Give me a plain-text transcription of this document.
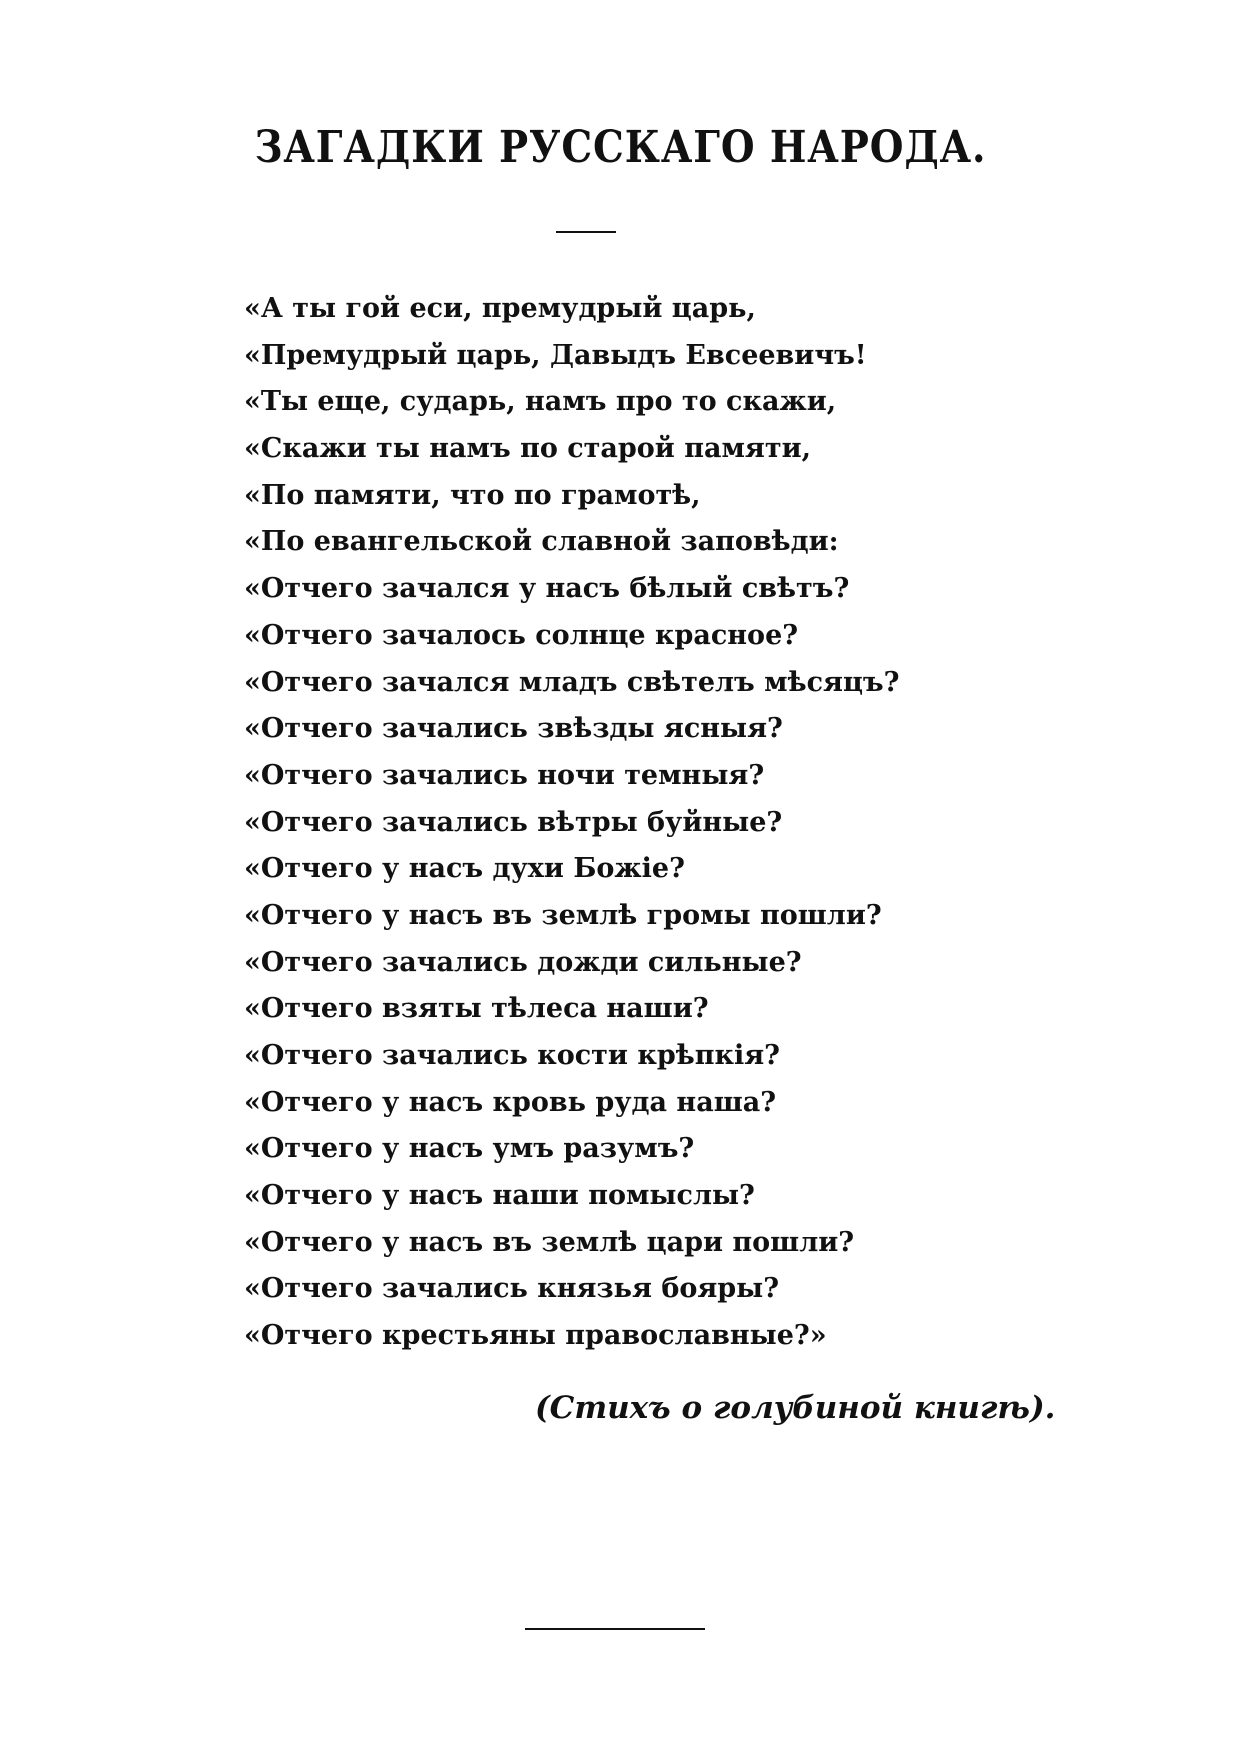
ЗАГАДКИ РУССКАГО НАРОДА.
«А ты гой еси, премудрый царь,
«Премудрый царь, Давыдъ Евсеевичъ!
«Ты еще, сударь, намъ про то скажи,
«Скажи ты намъ по старой памяти,
«По памяти, что по грамотѣ,
«По евангельской славной заповѣди:
«Отчего зачался у насъ бѣлый свѣтъ?
«Отчего зачалось солнце красное?
«Отчего зачался младъ свѣтелъ мѣсяцъ?
«Отчего зачались звѣзды ясныя?
«Отчего зачались ночи темныя?
«Отчего зачались вѣтры буйные?
«Отчего у насъ духи Божіе?
«Отчего у насъ въ землѣ громы пошли?
«Отчего зачались дожди сильные?
«Отчего взяты тѣлеса наши?
«Отчего зачались кости крѣпкія?
«Отчего у насъ кровь руда наша?
«Отчего у насъ умъ разумъ?
«Отчего у насъ наши помыслы?
«Отчего у насъ въ землѣ цари пошли?
«Отчего зачались князья бояры?
«Отчего крестьяны православные?»
(Стихъ о голубиной книгѣ).
